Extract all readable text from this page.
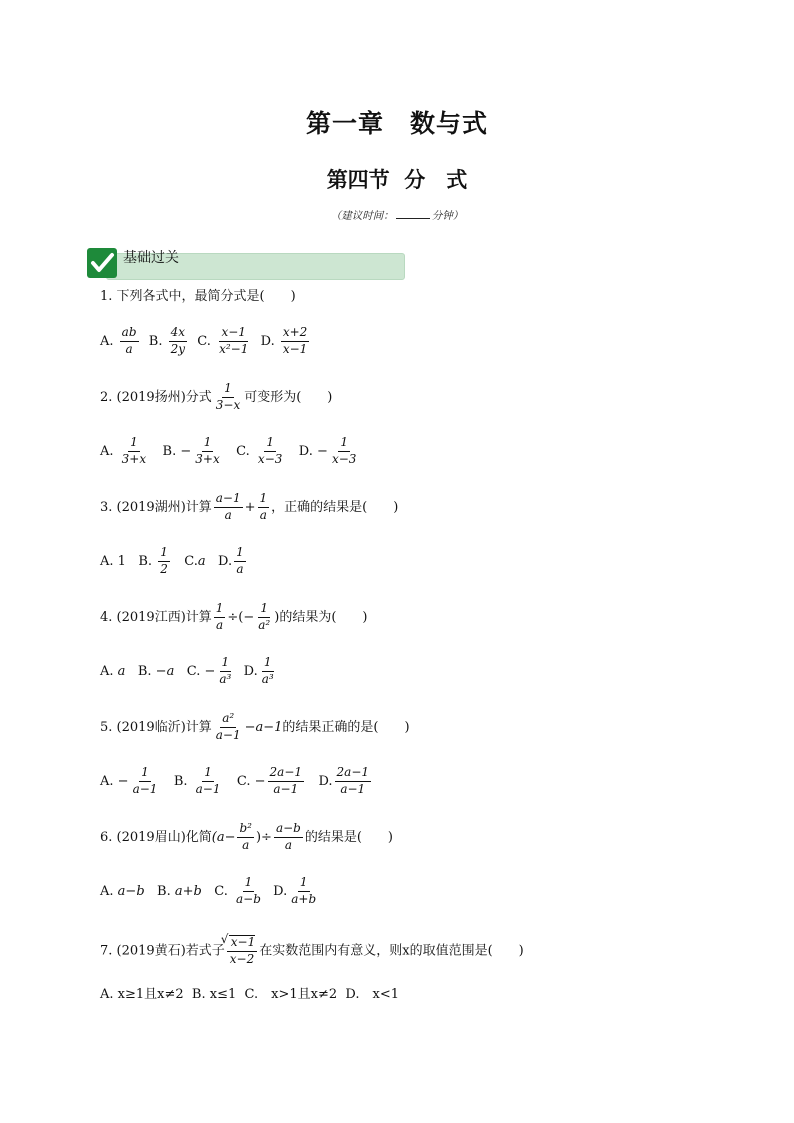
第一章　数与式
第四节  分　式
（建议时间：	分钟）
基础过关
1. 下列各式中，最简分式是(　　)
A. $\frac{ab}{a} B$. $\frac{4x}{2y} C$. $\frac{x-1}{\text{x²−1}} D$. $\frac{x+2}{x-1}$
2. (2019扬州)分式 $\frac{1}{3-x}$ 可变形为(　　)
A. $\frac{1}{3+x} B$. − $\frac{1}{3+x} C$. $\frac{1}{x-3} D$. − $\frac{1}{x-3}$
3. (2019湖州)计算 $\frac{a-1}{a} + \frac{1}{a}$ ，正确的结果是(　　)
A. 1 B. $\frac{1}{2} C.a$ D. $\frac{1}{a}$
4. (2019江西)计算 $\frac{1}{a}$ ÷(− $\frac{1}{\text{a²}}$ )的结果为(　　)
A. a B. −a C. − $\frac{1}{\text{a³}} D$. $\frac{1}{\text{a³}}$
5. (2019临沂)计算 $\frac{\text{a²}}{a-1} -a-1$的结果正确的是(　　)
A. − $\frac{1}{a-1} B$. $\frac{1}{a-1} C$. − $\frac{2a-1}{a-1} D$. $\frac{2a-1}{a-1}$
6. (2019眉山)化简($a- \frac{\text{b²}}{a}$ )÷ $\frac{a-b}{a}$ 的结果是(　　)
A. a−b B. a+b C. $\frac{1}{a-b} D$. $\frac{1}{a+b}$
7. (2019黄石)若式子
√ $\frac{x-1}{x-2}$ 在实数范围内有意义，则x的取值范围是(　　)
A. x≥1且x≠2 B. x≤1 C.　x>1且x≠2 D.　x<1
